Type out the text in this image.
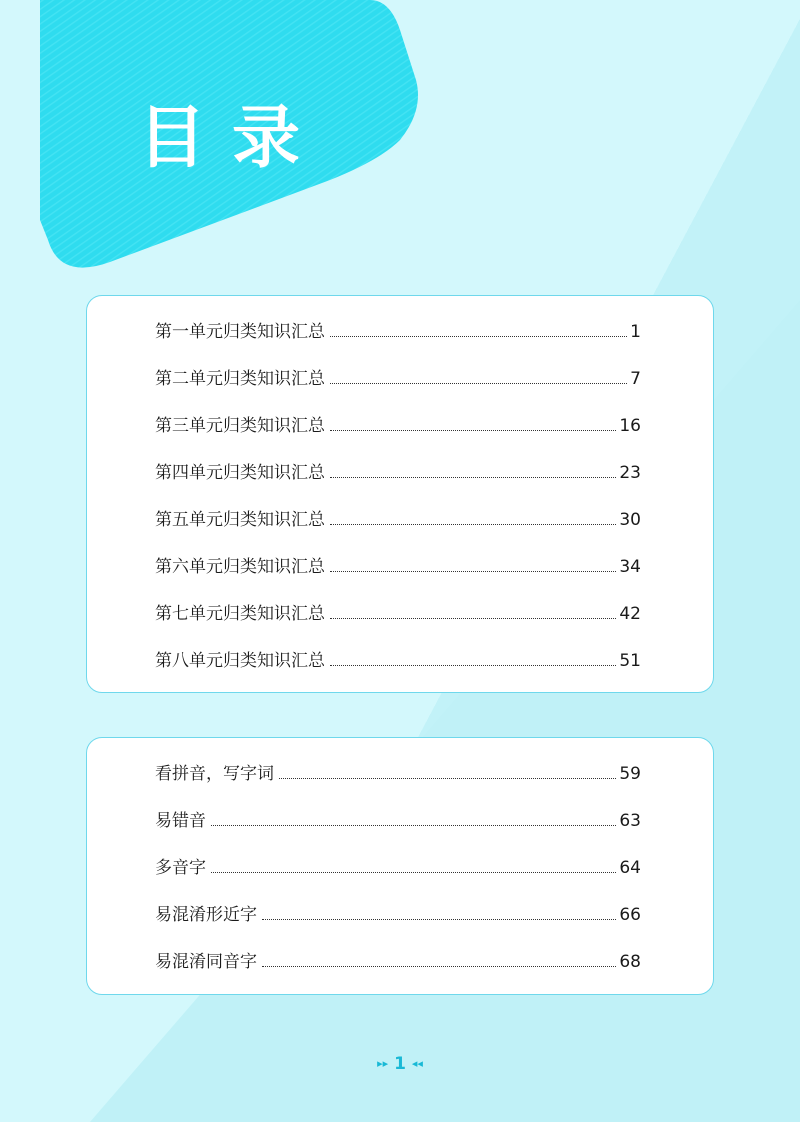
目录
第一单元归类知识汇总	1
第二单元归类知识汇总	7
第三单元归类知识汇总	16
第四单元归类知识汇总	23
第五单元归类知识汇总	30
第六单元归类知识汇总	34
第七单元归类知识汇总	42
第八单元归类知识汇总	51
看拼音，写字词	59
易错音	63
多音字	64
易混淆形近字	66
易混淆同音字	68
▸▸ 1 ◂◂
